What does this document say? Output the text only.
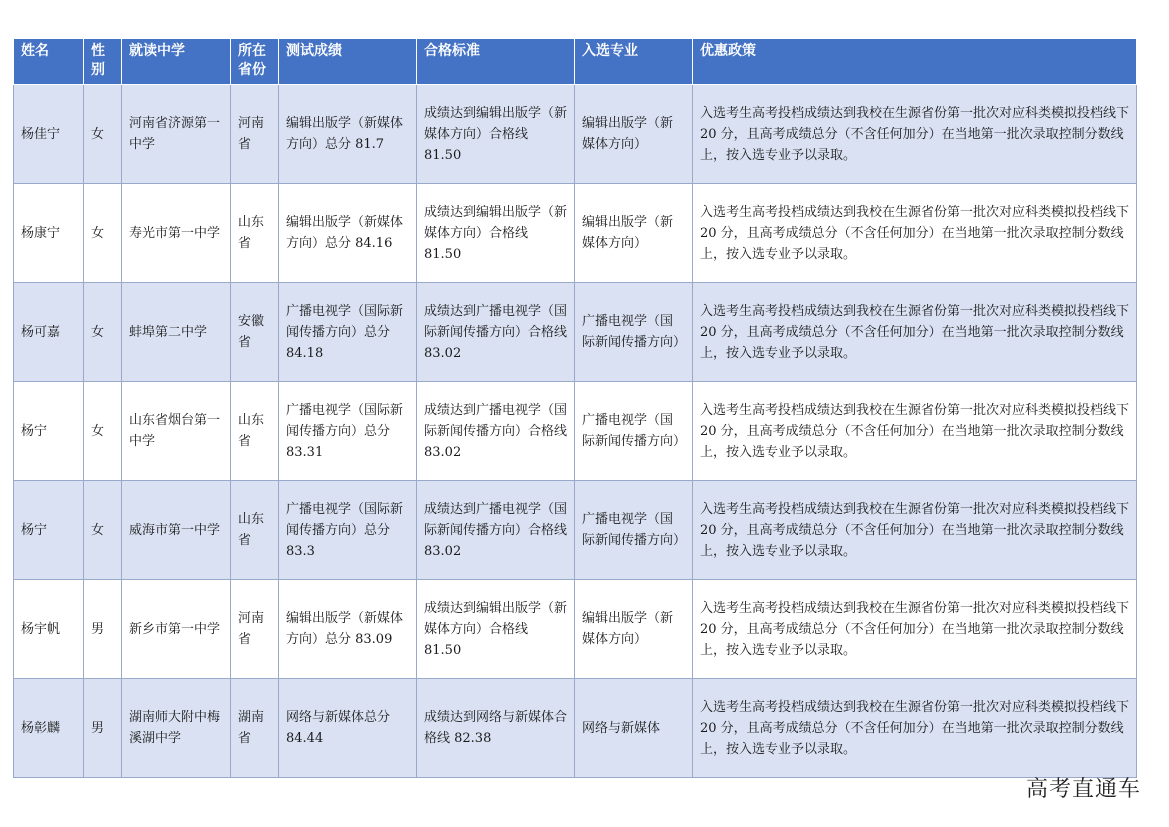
姓名	性别	就读中学	所在省份	测试成绩	合格标准	入选专业	优惠政策
杨佳宁	女	河南省济源第一中学	河南省	编辑出版学（新媒体方向）总分 81.7	成绩达到编辑出版学（新媒体方向）合格线 81.50	编辑出版学（新媒体方向）	入选考生高考投档成绩达到我校在生源省份第一批次对应科类模拟投档线下 20 分，且高考成绩总分（不含任何加分）在当地第一批次录取控制分数线上，按入选专业予以录取。
杨康宁	女	寿光市第一中学	山东省	编辑出版学（新媒体方向）总分 84.16	成绩达到编辑出版学（新媒体方向）合格线 81.50	编辑出版学（新媒体方向）	入选考生高考投档成绩达到我校在生源省份第一批次对应科类模拟投档线下 20 分，且高考成绩总分（不含任何加分）在当地第一批次录取控制分数线上，按入选专业予以录取。
杨可嘉	女	蚌埠第二中学	安徽省	广播电视学（国际新闻传播方向）总分 84.18	成绩达到广播电视学（国际新闻传播方向）合格线 83.02	广播电视学（国际新闻传播方向）	入选考生高考投档成绩达到我校在生源省份第一批次对应科类模拟投档线下 20 分，且高考成绩总分（不含任何加分）在当地第一批次录取控制分数线上，按入选专业予以录取。
杨宁	女	山东省烟台第一中学	山东省	广播电视学（国际新闻传播方向）总分 83.31	成绩达到广播电视学（国际新闻传播方向）合格线 83.02	广播电视学（国际新闻传播方向）	入选考生高考投档成绩达到我校在生源省份第一批次对应科类模拟投档线下 20 分，且高考成绩总分（不含任何加分）在当地第一批次录取控制分数线上，按入选专业予以录取。
杨宁	女	威海市第一中学	山东省	广播电视学（国际新闻传播方向）总分 83.3	成绩达到广播电视学（国际新闻传播方向）合格线 83.02	广播电视学（国际新闻传播方向）	入选考生高考投档成绩达到我校在生源省份第一批次对应科类模拟投档线下 20 分，且高考成绩总分（不含任何加分）在当地第一批次录取控制分数线上，按入选专业予以录取。
杨宇帆	男	新乡市第一中学	河南省	编辑出版学（新媒体方向）总分 83.09	成绩达到编辑出版学（新媒体方向）合格线 81.50	编辑出版学（新媒体方向）	入选考生高考投档成绩达到我校在生源省份第一批次对应科类模拟投档线下 20 分，且高考成绩总分（不含任何加分）在当地第一批次录取控制分数线上，按入选专业予以录取。
杨彰麟	男	湖南师大附中梅溪湖中学	湖南省	网络与新媒体总分 84.44	成绩达到网络与新媒体合格线 82.38	网络与新媒体	入选考生高考投档成绩达到我校在生源省份第一批次对应科类模拟投档线下 20 分，且高考成绩总分（不含任何加分）在当地第一批次录取控制分数线上，按入选专业予以录取。
高考直通车
